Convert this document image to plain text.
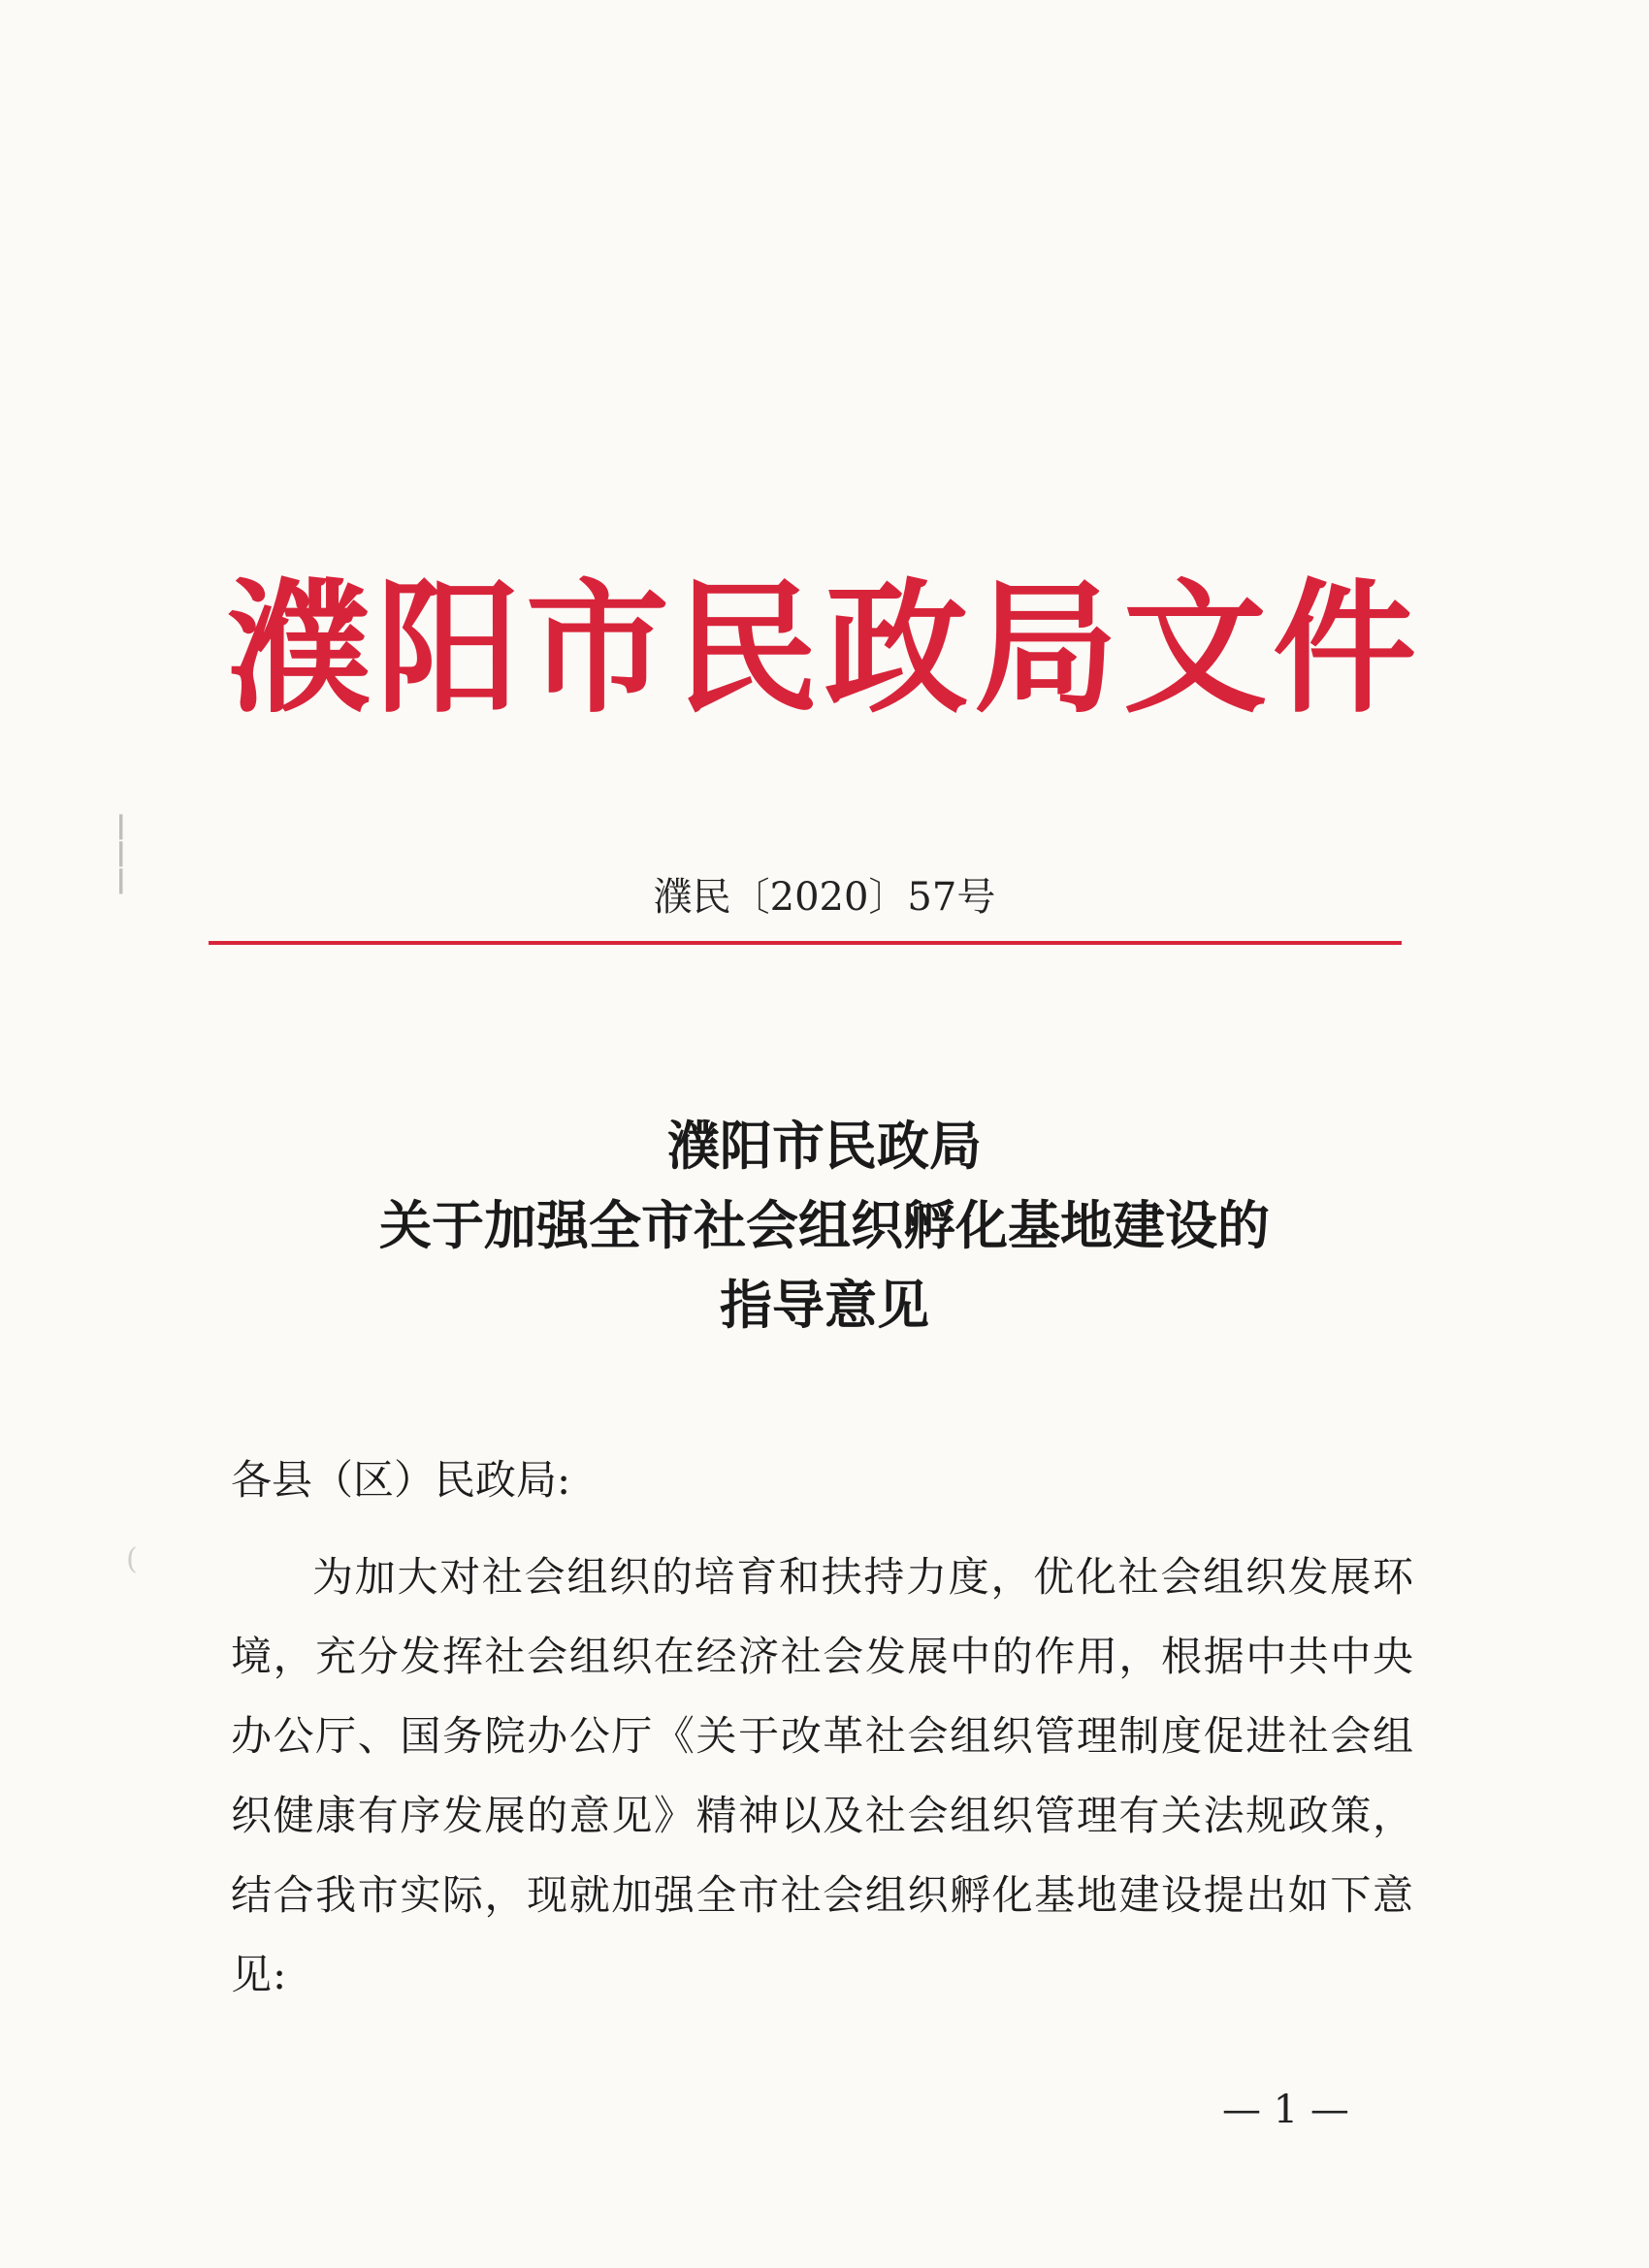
┃
┃
┃
(
濮阳市民政局文件
濮民〔2020〕57号
濮阳市民政局
关于加强全市社会组织孵化基地建设的
指导意见
各县（区）民政局:
为加大对社会组织的培育和扶持力度，优化社会组织发展环境，充分发挥社会组织在经济社会发展中的作用，根据中共中央办公厅、国务院办公厅《关于改革社会组织管理制度促进社会组织健康有序发展的意见》精神以及社会组织管理有关法规政策，结合我市实际，现就加强全市社会组织孵化基地建设提出如下意见:
— 1 —
